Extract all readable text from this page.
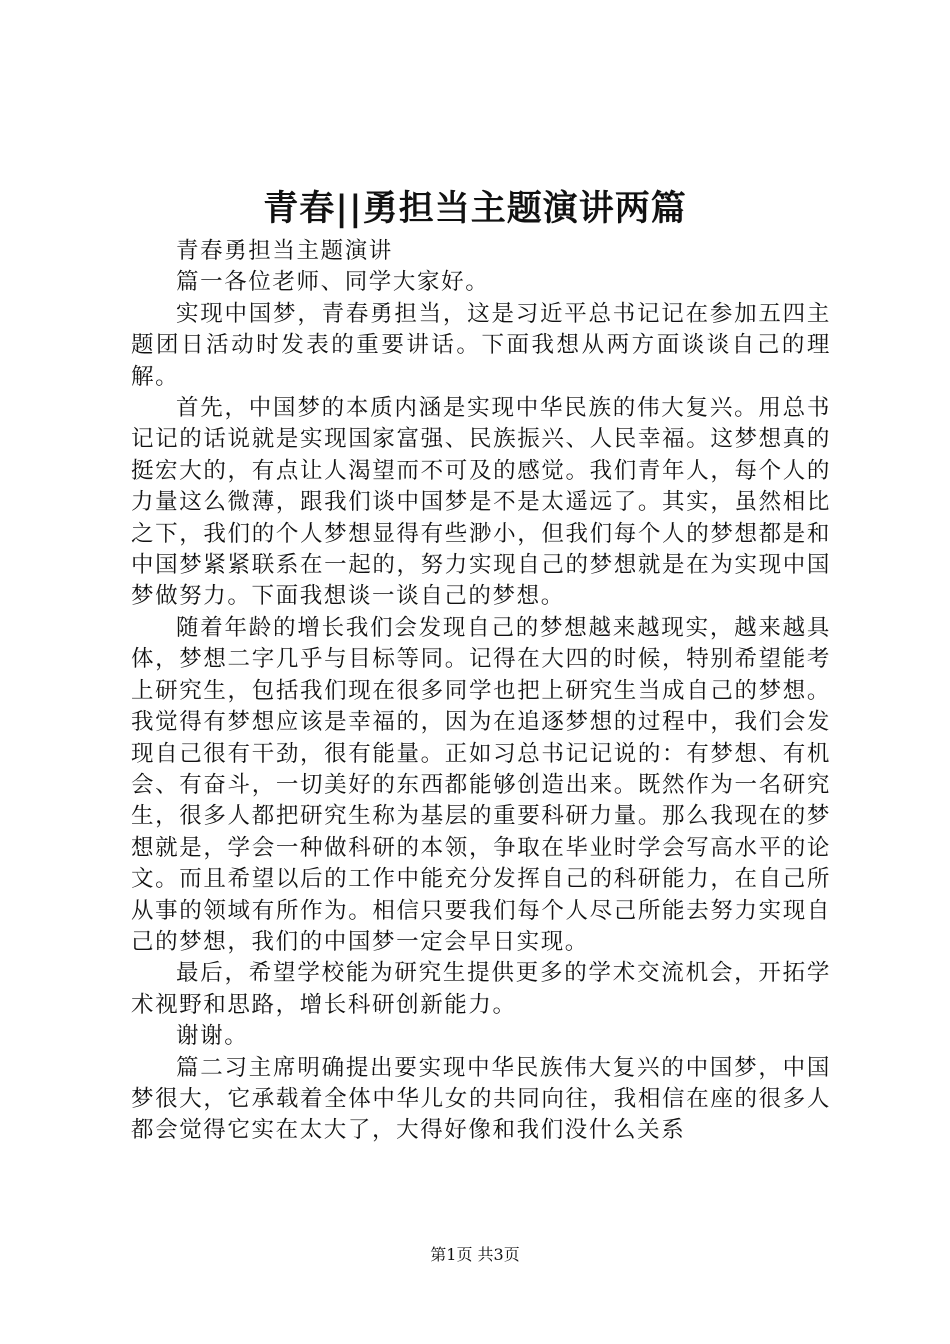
青春||勇担当主题演讲两篇

青春勇担当主题演讲

篇一各位老师、同学大家好。

实现中国梦，青春勇担当，这是习近平总书记记在参加五四主题团日活动时发表的重要讲话。下面我想从两方面谈谈自己的理解。

首先，中国梦的本质内涵是实现中华民族的伟大复兴。用总书记记的话说就是实现国家富强、民族振兴、人民幸福。这梦想真的挺宏大的，有点让人渴望而不可及的感觉。我们青年人，每个人的力量这么微薄，跟我们谈中国梦是不是太遥远了。其实，虽然相比之下，我们的个人梦想显得有些渺小，但我们每个人的梦想都是和中国梦紧紧联系在一起的，努力实现自己的梦想就是在为实现中国梦做努力。下面我想谈一谈自己的梦想。

随着年龄的增长我们会发现自己的梦想越来越现实，越来越具体，梦想二字几乎与目标等同。记得在大四的时候，特别希望能考上研究生，包括我们现在很多同学也把上研究生当成自己的梦想。我觉得有梦想应该是幸福的，因为在追逐梦想的过程中，我们会发现自己很有干劲，很有能量。正如习总书记记说的：有梦想、有机会、有奋斗，一切美好的东西都能够创造出来。既然作为一名研究生，很多人都把研究生称为基层的重要科研力量。那么我现在的梦想就是，学会一种做科研的本领，争取在毕业时学会写高水平的论文。而且希望以后的工作中能充分发挥自己的科研能力，在自己所从事的领域有所作为。相信只要我们每个人尽己所能去努力实现自己的梦想，我们的中国梦一定会早日实现。

最后，希望学校能为研究生提供更多的学术交流机会，开拓学术视野和思路，增长科研创新能力。

谢谢。

篇二习主席明确提出要实现中华民族伟大复兴的中国梦，中国梦很大，它承载着全体中华儿女的共同向往，我相信在座的很多人都会觉得它实在太大了，大得好像和我们没什么关系

第1页 共3页
